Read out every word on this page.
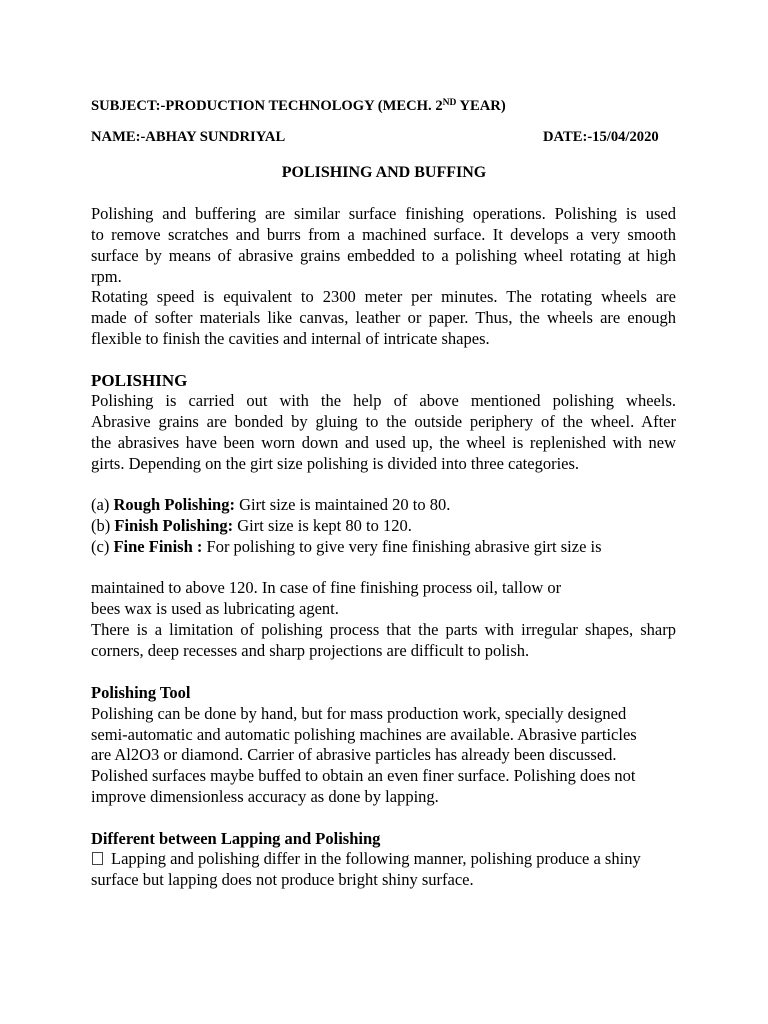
SUBJECT:-PRODUCTION TECHNOLOGY (MECH. 2ND YEAR)
NAME:-ABHAY SUNDRIYAL	DATE:-15/04/2020
POLISHING AND BUFFING
Polishing and buffering are similar surface finishing operations. Polishing is used
to remove scratches and burrs from a machined surface. It develops a very smooth
surface by means of abrasive grains embedded to a polishing wheel rotating at high
rpm.
Rotating speed is equivalent to 2300 meter per minutes. The rotating wheels are
made of softer materials like canvas, leather or paper. Thus, the wheels are enough
flexible to finish the cavities and internal of intricate shapes.
POLISHING
Polishing is carried out with the help of above mentioned polishing wheels.
Abrasive grains are bonded by gluing to the outside periphery of the wheel. After
the abrasives have been worn down and used up, the wheel is replenished with new
girts. Depending on the girt size polishing is divided into three categories.
(a) Rough Polishing: Girt size is maintained 20 to 80.
(b) Finish Polishing: Girt size is kept 80 to 120.
(c) Fine Finish : For polishing to give very fine finishing abrasive girt size is
maintained to above 120. In case of fine finishing process oil, tallow or
bees wax is used as lubricating agent.
There is a limitation of polishing process that the parts with irregular shapes, sharp
corners, deep recesses and sharp projections are difficult to polish.
Polishing Tool
Polishing can be done by hand, but for mass production work, specially designed
semi-automatic and automatic polishing machines are available. Abrasive particles
are Al2O3 or diamond. Carrier of abrasive particles has already been discussed.
Polished surfaces maybe buffed to obtain an even finer surface. Polishing does not
improve dimensionless accuracy as done by lapping.
Different between Lapping and Polishing
Lapping and polishing differ in the following manner, polishing produce a shiny
surface but lapping does not produce bright shiny surface.
